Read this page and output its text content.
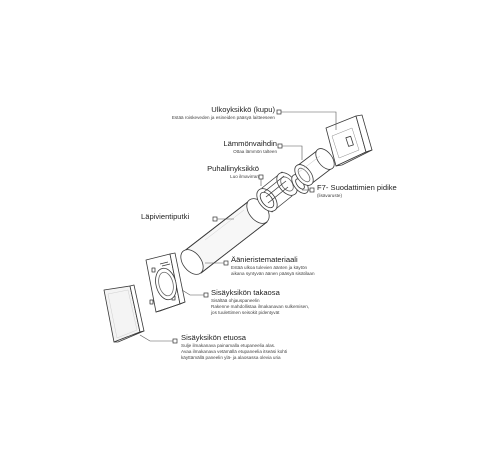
Ulkoyksikkö (kupu)
Estää roiskeveden ja esineiden pääsyä laitteeseen
Lämmönvaihdin
Ottaa lämmön talteen
Puhallinyksikkö
Luo ilmavirran
F7- Suodattimien pidike
(lisävaruste)
Läpivientiputki
Äänieristemateriaali
Estää ulkoa tulevien äänten ja käytön
aikana syntyvän äänen pääsyä sisätilaan
Sisäyksikön takaosa
Sisältää ohjauspaneelin
Rakenne mahdollistaa ilmakanavan sulkemisen,
jos tuulettimen seisokit pidentyvät
Sisäyksikön etuosa
Sulje ilmakanava painamalla etupaneelia alas.
Avaa ilmakanava vetämällä etupaneelia itseäsi kohti
käyttämällä paneelin ylä- ja alaosassa olevia uria
